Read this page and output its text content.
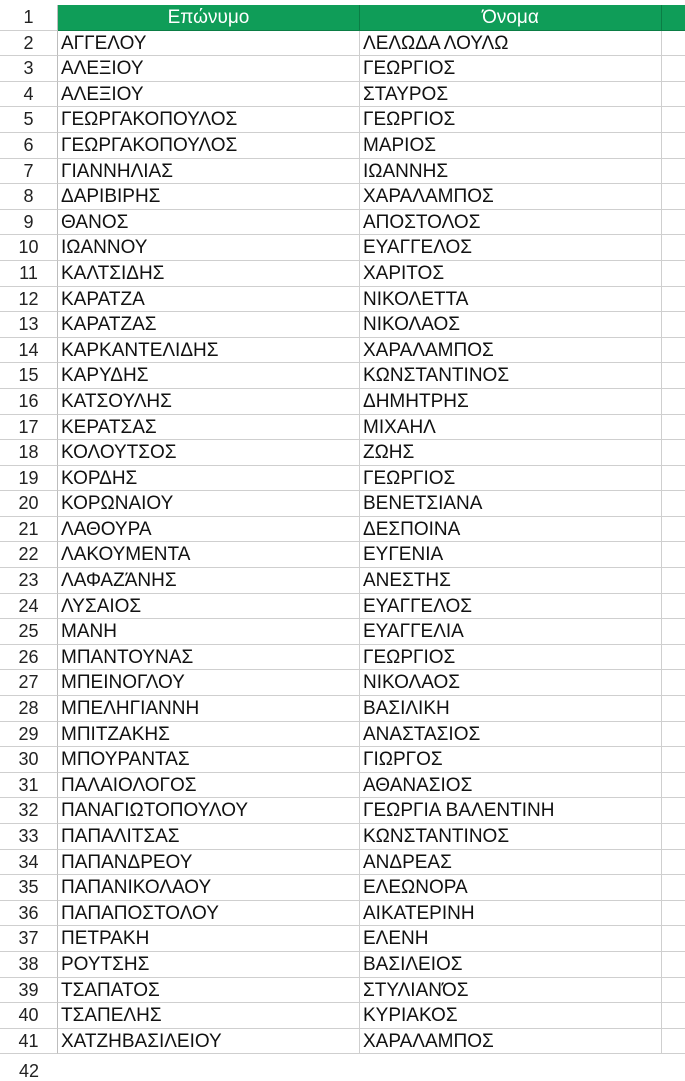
1	Επώνυμο	Όνομα
2	ΑΓΓΕΛΟΥ	ΛΕΛΩΔΑ ΛΟΥΛΩ
3	ΑΛΕΞΙΟΥ	ΓΕΩΡΓΙΟΣ
4	ΑΛΕΞΙΟΥ	ΣΤΑΥΡΟΣ
5	ΓΕΩΡΓΑΚΟΠΟΥΛΟΣ	ΓΕΩΡΓΙΟΣ
6	ΓΕΩΡΓΑΚΟΠΟΥΛΟΣ	ΜΑΡΙΟΣ
7	ΓΙΑΝΝΗΛΙΑΣ	ΙΩΑΝΝΗΣ
8	ΔΑΡΙΒΙΡΗΣ	ΧΑΡΑΛΑΜΠΟΣ
9	ΘΑΝΟΣ	ΑΠΟΣΤΟΛΟΣ
10	ΙΩΑΝΝΟΥ	ΕΥΑΓΓΕΛΟΣ
11	ΚΑΛΤΣΙΔΗΣ	ΧΑΡΙΤΟΣ
12	ΚΑΡΑΤΖΑ	ΝΙΚΟΛΕΤΤΑ
13	ΚΑΡΑΤΖΑΣ	ΝΙΚΟΛΑΟΣ
14	ΚΑΡΚΑΝΤΕΛΙΔΗΣ	ΧΑΡΑΛΑΜΠΟΣ
15	ΚΑΡΥΔΗΣ	ΚΩΝΣΤΑΝΤΙΝΟΣ
16	ΚΑΤΣΟΥΛΗΣ	ΔΗΜΗΤΡΗΣ
17	ΚΕΡΑΤΣΑΣ	ΜΙΧΑΗΛ
18	ΚΟΛΟΥΤΣΟΣ	ΖΩΗΣ
19	ΚΟΡΔΗΣ	ΓΕΩΡΓΙΟΣ
20	ΚΟΡΩΝΑΙΟΥ	ΒΕΝΕΤΣΙΑΝΑ
21	ΛΑΘΟΥΡΑ	ΔΕΣΠΟΙΝΑ
22	ΛΑΚΟΥΜΕΝΤΑ	ΕΥΓΕΝΙΑ
23	ΛΑΦΑΖΆΝΗΣ	ΑΝΕΣΤΗΣ
24	ΛΥΣΑΙΟΣ	ΕΥΑΓΓΕΛΟΣ
25	ΜΑΝΗ	ΕΥΑΓΓΕΛΙΑ
26	ΜΠΑΝΤΟΥΝΑΣ	ΓΕΩΡΓΙΟΣ
27	ΜΠΕΙΝΟΓΛΟΥ	ΝΙΚΟΛΑΟΣ
28	ΜΠΕΛΗΓΙΑΝΝΗ	ΒΑΣΙΛΙΚΗ
29	ΜΠΙΤΖΑΚΗΣ	ΑΝΑΣΤΑΣΙΟΣ
30	ΜΠΟΥΡΑΝΤΑΣ	ΓΙΩΡΓΟΣ
31	ΠΑΛΑΙΟΛΟΓΟΣ	ΑΘΑΝΑΣΙΟΣ
32	ΠΑΝΑΓΙΩΤΟΠΟΥΛΟΥ	ΓΕΩΡΓΙΑ ΒΑΛΕΝΤΙΝΗ
33	ΠΑΠΑΛΙΤΣΑΣ	ΚΩΝΣΤΑΝΤΙΝΟΣ
34	ΠΑΠΑΝΔΡΕΟΥ	ΑΝΔΡΕΑΣ
35	ΠΑΠΑΝΙΚΟΛΑΟΥ	ΕΛΕΩΝΟΡΑ
36	ΠΑΠΑΠΟΣΤΟΛΟΥ	ΑΙΚΑΤΕΡΙΝΗ
37	ΠΕΤΡΑΚΗ	ΕΛΕΝΗ
38	ΡΟΥΤΣΗΣ	ΒΑΣΙΛΕΙΟΣ
39	ΤΣΑΠΑΤΟΣ	ΣΤΥΛΙΑΝΌΣ
40	ΤΣΑΠΕΛΗΣ	ΚΥΡΙΑΚΟΣ
41	ΧΑΤΖΗΒΑΣΙΛΕΙΟΥ	ΧΑΡΑΛΑΜΠΟΣ
42
